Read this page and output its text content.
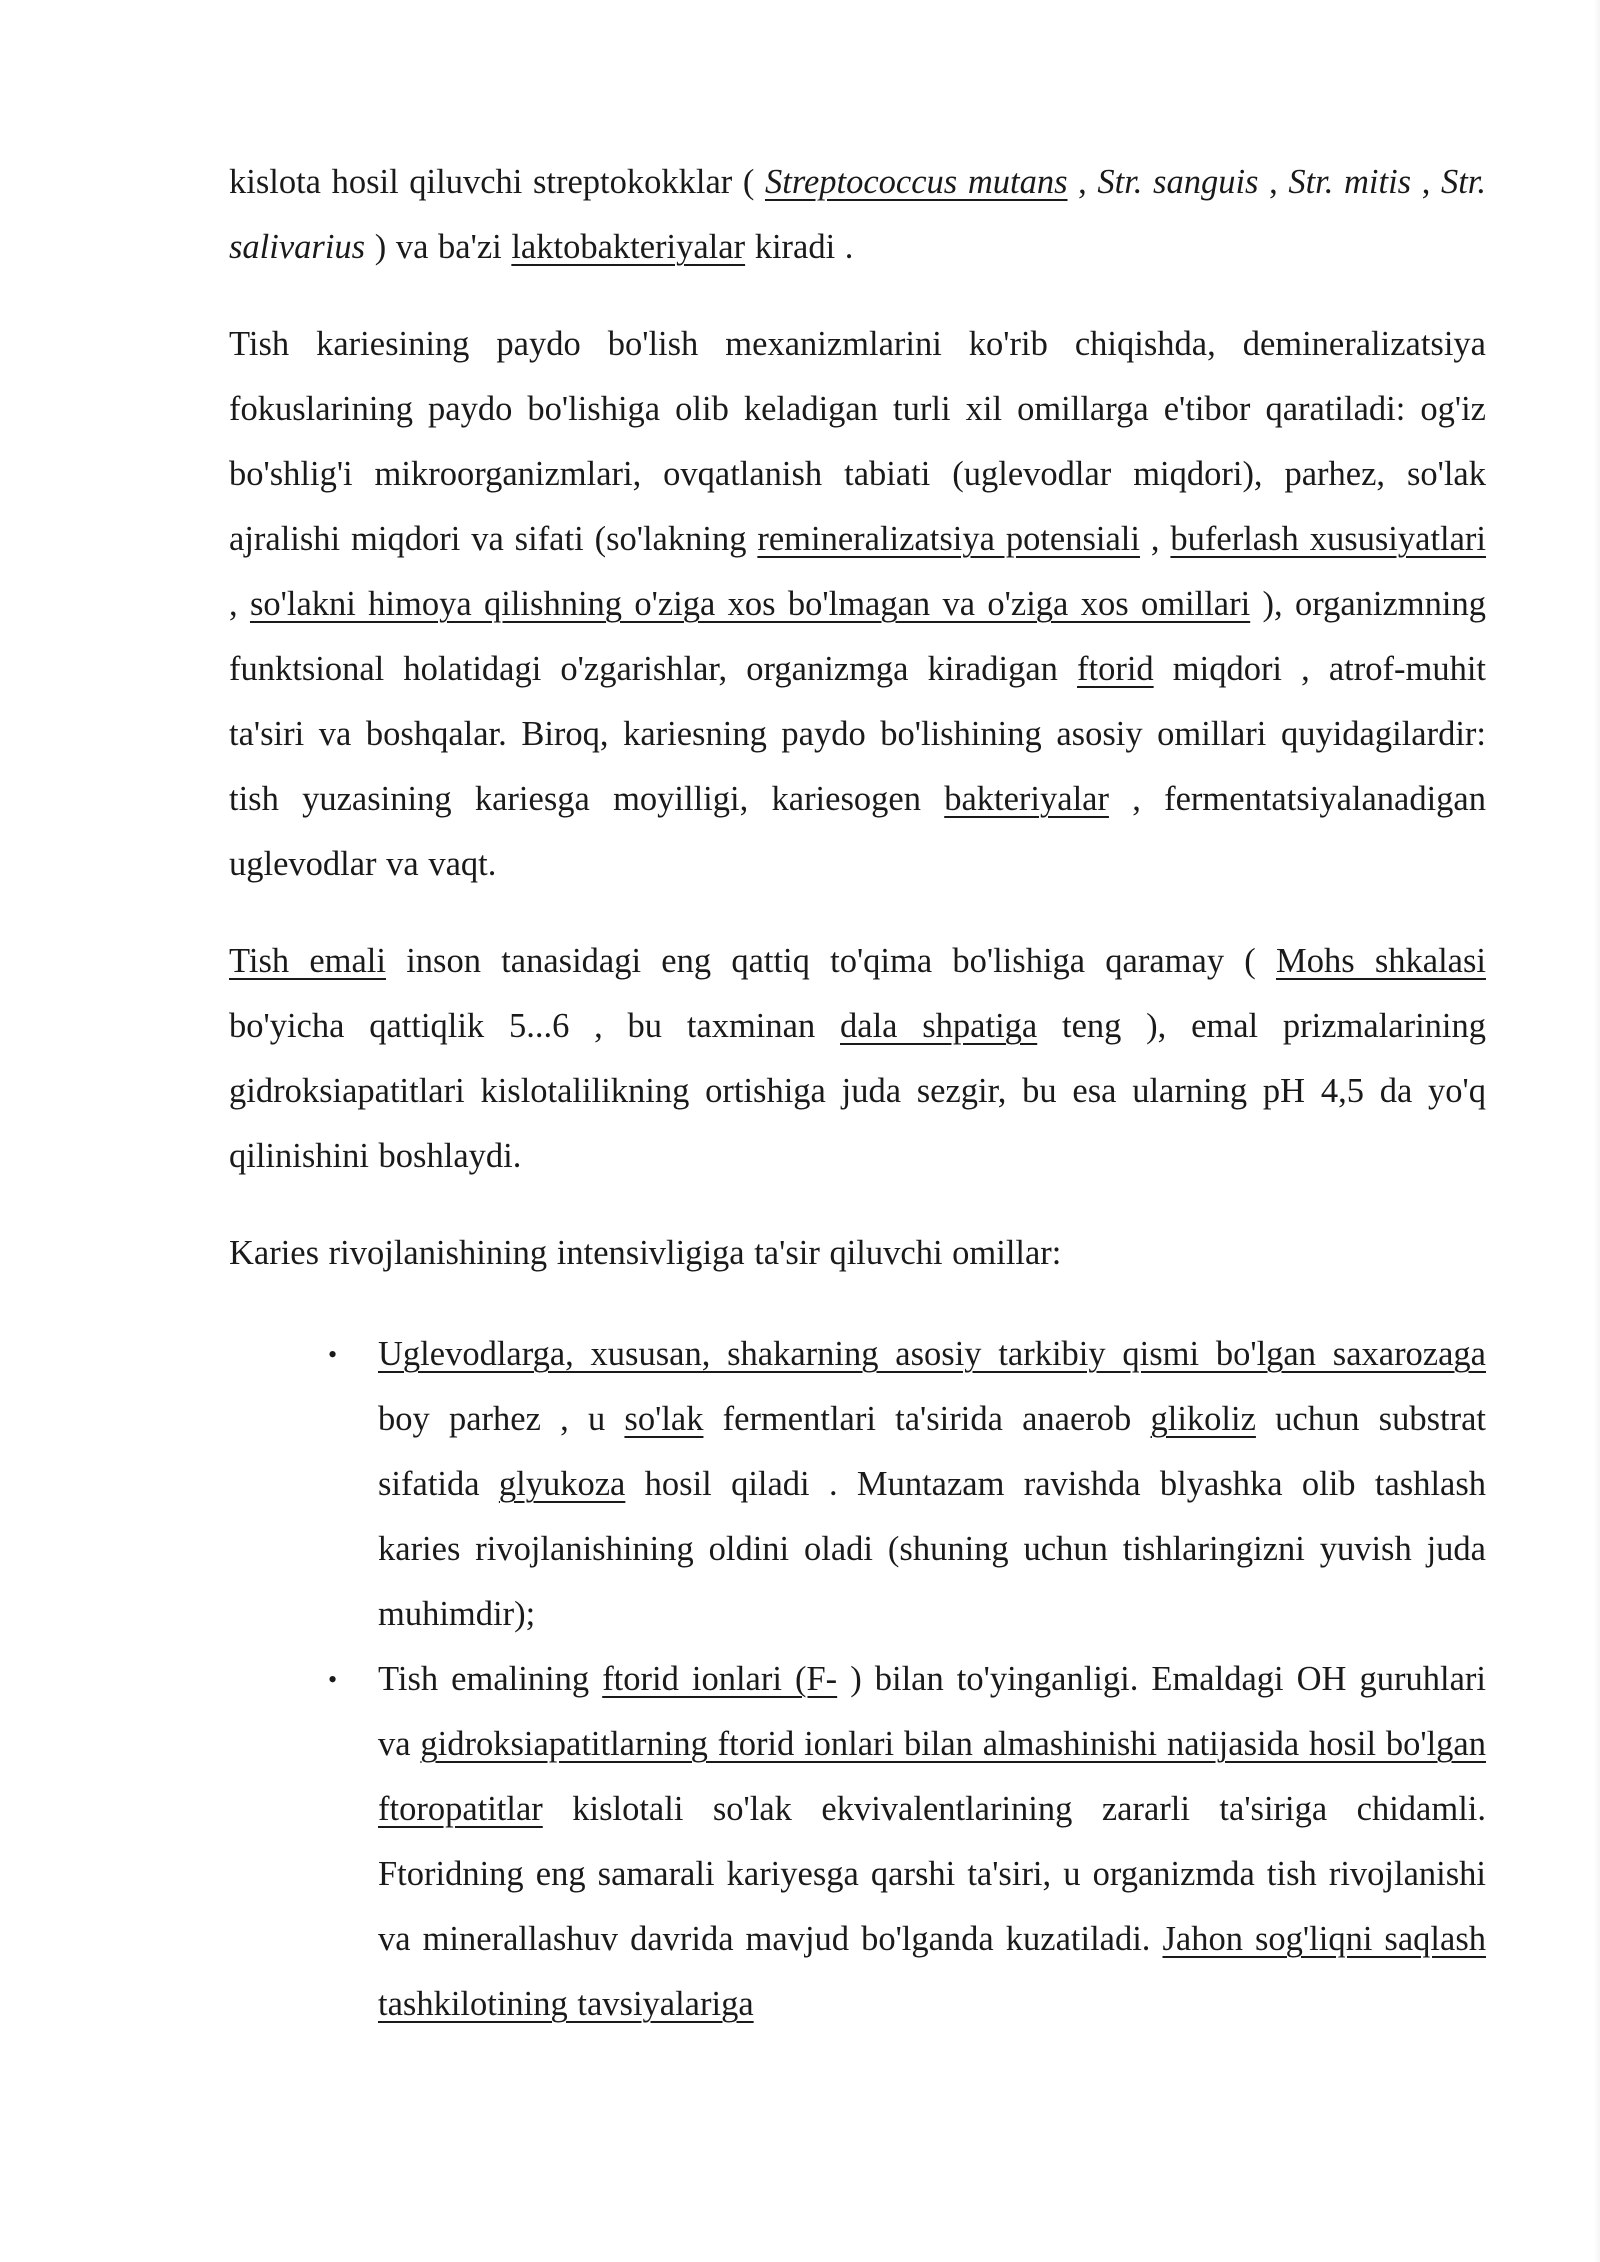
kislota hosil qiluvchi streptokokklar ( Streptococcus mutans , Str. sanguis , Str. mitis , Str. salivarius ) va ba'zi laktobakteriyalar kiradi .

Tish kariesining paydo bo'lish mexanizmlarini ko'rib chiqishda, demineralizatsiya fokuslarining paydo bo'lishiga olib keladigan turli xil omillarga e'tibor qaratiladi: og'iz bo'shlig'i mikroorganizmlari, ovqatlanish tabiati (uglevodlar miqdori), parhez, so'lak ajralishi miqdori va sifati (so'lakning remineralizatsiya potensiali , buferlash xususiyatlari , so'lakni himoya qilishning o'ziga xos bo'lmagan va o'ziga xos omillari ), organizmning funktsional holatidagi o'zgarishlar, organizmga kiradigan ftorid miqdori , atrof-muhit ta'siri va boshqalar. Biroq, kariesning paydo bo'lishining asosiy omillari quyidagilardir: tish yuzasining kariesga moyilligi, kariesogen bakteriyalar , fermentatsiyalanadigan uglevodlar va vaqt.

Tish emali inson tanasidagi eng qattiq to'qima bo'lishiga qaramay ( Mohs shkalasi bo'yicha qattiqlik 5...6 , bu taxminan dala shpatiga teng ), emal prizmalarining gidroksiapatitlari kislotalilikning ortishiga juda sezgir, bu esa ularning pH 4,5 da yo'q qilinishini boshlaydi.

Karies rivojlanishining intensivligiga ta'sir qiluvchi omillar:

• Uglevodlarga, xususan, shakarning asosiy tarkibiy qismi bo'lgan saxarozaga boy parhez , u so'lak fermentlari ta'sirida anaerob glikoliz uchun substrat sifatida glyukoza hosil qiladi . Muntazam ravishda blyashka olib tashlash karies rivojlanishining oldini oladi (shuning uchun tishlaringizni yuvish juda muhimdir);
• Tish emalining ftorid ionlari (F- ) bilan to'yinganligi. Emaldagi OH guruhlari va gidroksiapatitlarning ftorid ionlari bilan almashinishi natijasida hosil bo'lgan ftoropatitlar kislotali so'lak ekvivalentlarining zararli ta'siriga chidamli. Ftoridning eng samarali kariyesga qarshi ta'siri, u organizmda tish rivojlanishi va minerallashuv davrida mavjud bo'lganda kuzatiladi. Jahon sog'liqni saqlash tashkilotining tavsiyalariga
